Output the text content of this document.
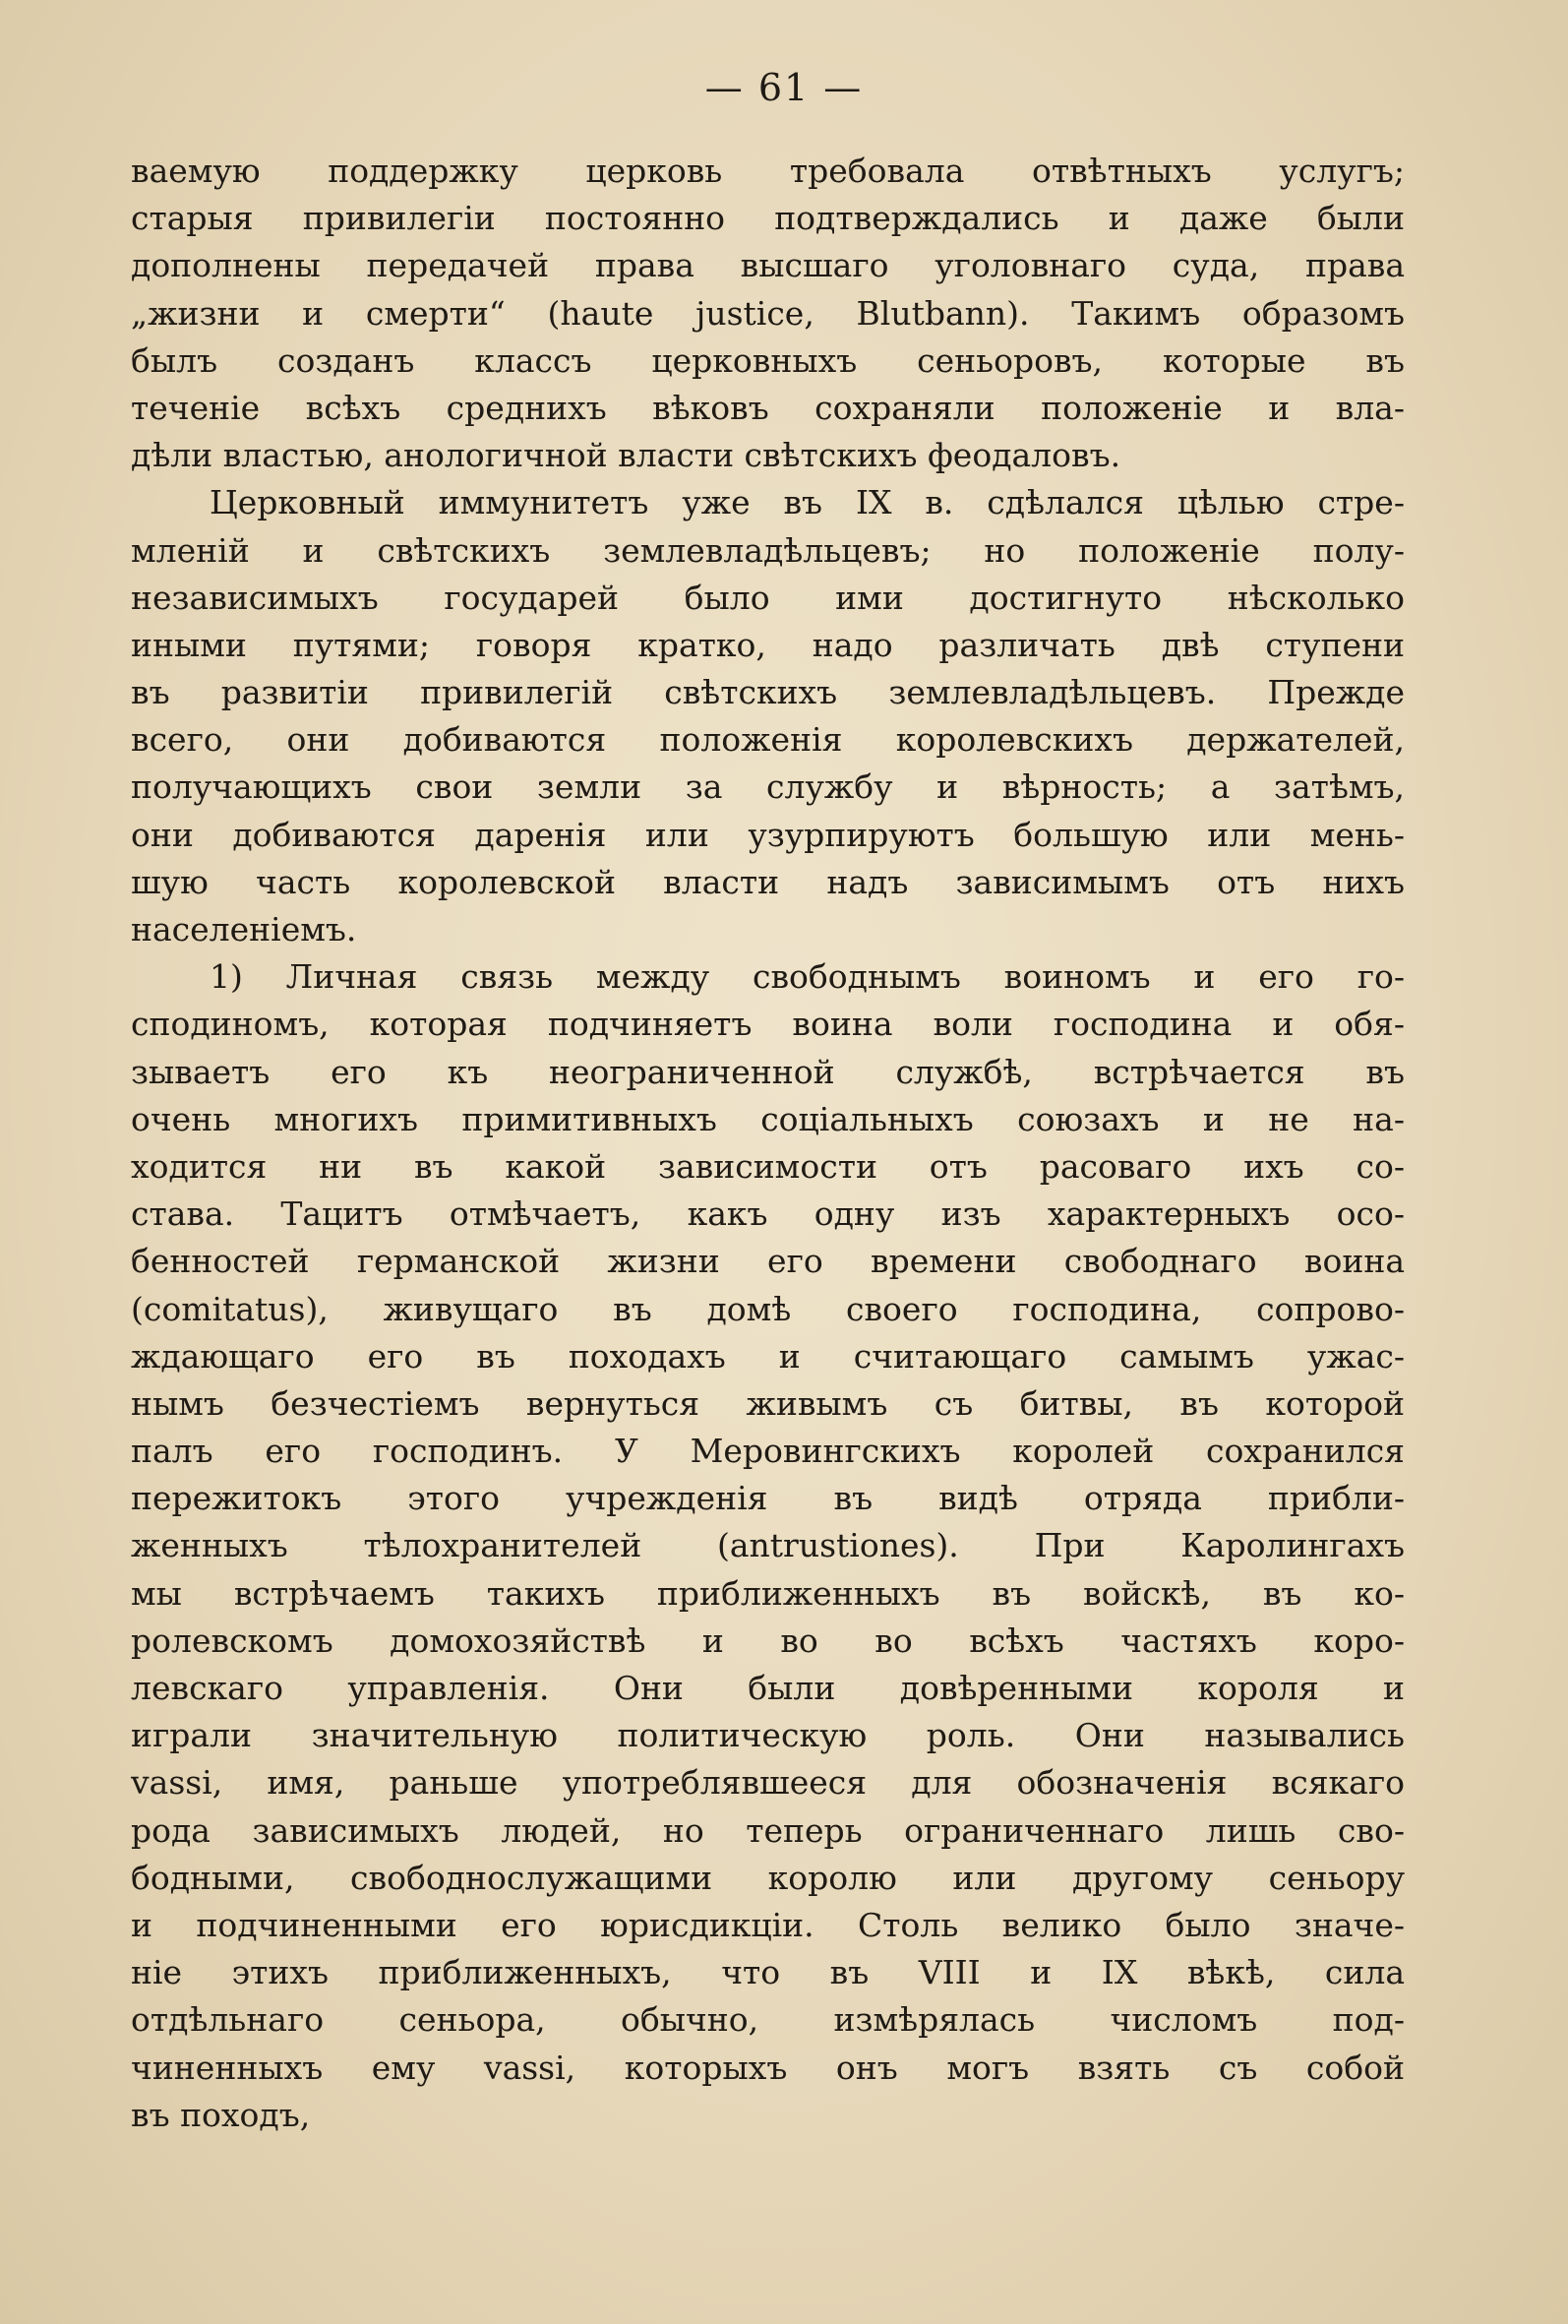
— 61 —
ваемую поддержку церковь требовала отвѣтныхъ услугъ;
старыя привилегіи постоянно подтверждались и даже были
дополнены передачей права высшаго уголовнаго суда, права
„жизни и смерти“ (haute justice, Blutbann). Такимъ образомъ
былъ созданъ классъ церковныхъ сеньоровъ, которые въ
теченіе всѣхъ среднихъ вѣковъ сохраняли положеніе и вла-
дѣли властью, анологичной власти свѣтскихъ феодаловъ.
Церковный иммунитетъ уже въ IX в. сдѣлался цѣлью стре-
мленій и свѣтскихъ землевладѣльцевъ; но положеніе полу-
независимыхъ государей было ими достигнуто нѣсколько
иными путями; говоря кратко, надо различать двѣ ступени
въ развитіи привилегій свѣтскихъ землевладѣльцевъ. Прежде
всего, они добиваются положенія королевскихъ держателей,
получающихъ свои земли за службу и вѣрность; а затѣмъ,
они добиваются даренія или узурпируютъ большую или мень-
шую часть королевской власти надъ зависимымъ отъ нихъ
населеніемъ.
1) Личная связь между свободнымъ воиномъ и его го-
сподиномъ, которая подчиняетъ воина воли господина и обя-
зываетъ его къ неограниченной службѣ, встрѣчается въ
очень многихъ примитивныхъ соціальныхъ союзахъ и не на-
ходится ни въ какой зависимости отъ расоваго ихъ со-
става. Тацитъ отмѣчаетъ, какъ одну изъ характерныхъ осо-
бенностей германской жизни его времени свободнаго воина
(comitatus), живущаго въ домѣ своего господина, сопрово-
ждающаго его въ походахъ и считающаго самымъ ужас-
нымъ безчестіемъ вернуться живымъ съ битвы, въ которой
палъ его господинъ. У Меровингскихъ королей сохранился
пережитокъ этого учрежденія въ видѣ отряда прибли-
женныхъ тѣлохранителей (antrustiones). При Каролингахъ
мы встрѣчаемъ такихъ приближенныхъ въ войскѣ, въ ко-
ролевскомъ домохозяйствѣ и во во всѣхъ частяхъ коро-
левскаго управленія. Они были довѣренными короля и
играли значительную политическую роль. Они назывались
vassi, имя, раньше употреблявшееся для обозначенія всякаго
рода зависимыхъ людей, но теперь ограниченнаго лишь сво-
бодными, свободнослужащими королю или другому сеньору
и подчиненными его юрисдикціи. Столь велико было значе-
ніе этихъ приближенныхъ, что въ VIII и IX вѣкѣ, сила
отдѣльнаго сеньора, обычно, измѣрялась числомъ под-
чиненныхъ ему vassi, которыхъ онъ могъ взять съ собой
въ походъ,
